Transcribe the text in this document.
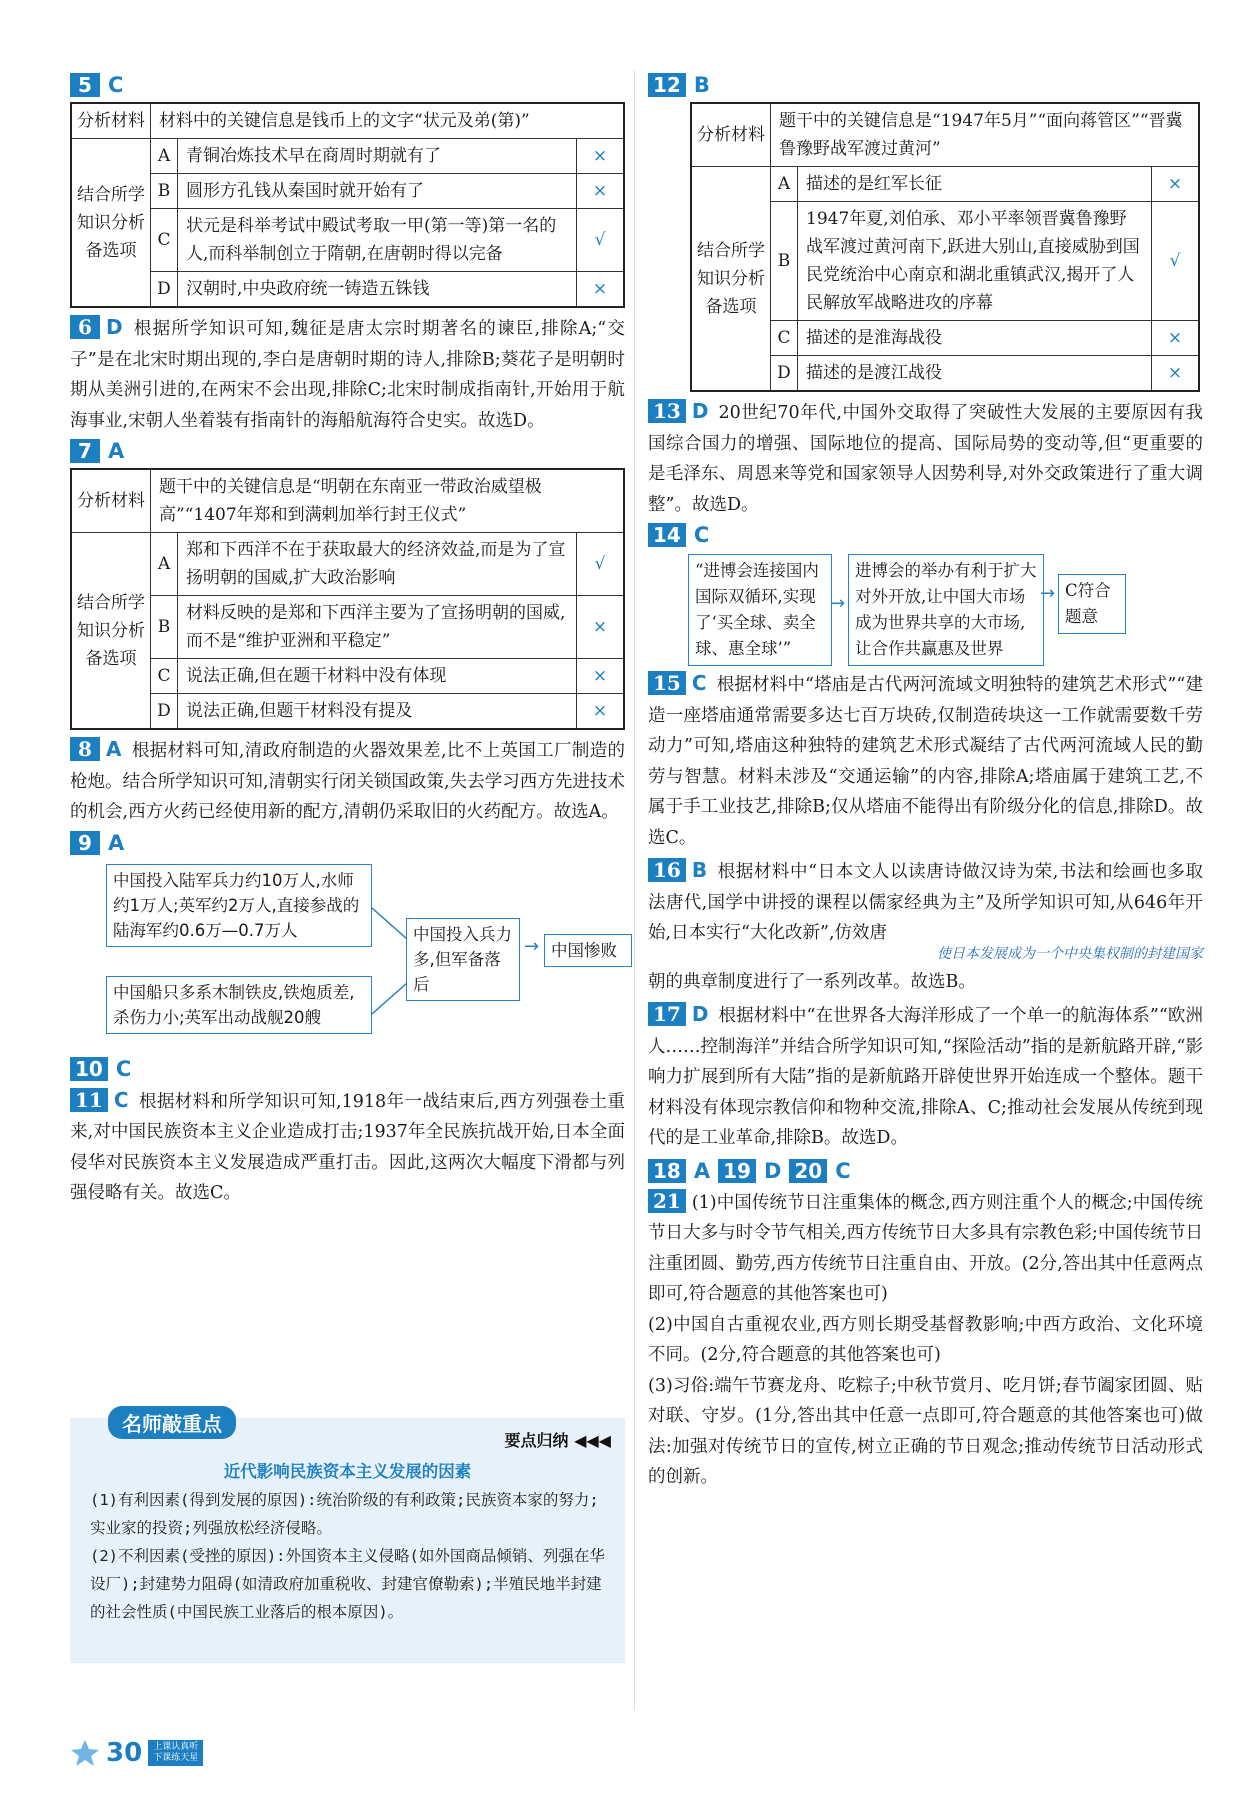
5 C
分析材料	材料中的关键信息是钱币上的文字“状元及弟(第)”		
结合所学知识分析备选项	A	青铜冶炼技术早在商周时期就有了	×
	B	圆形方孔钱从秦国时就开始有了	×
	C	状元是科举考试中殿试考取一甲(第一等)第一名的人,而科举制创立于隋朝,在唐朝时得以完备	√
	D	汉朝时,中央政府统一铸造五铢钱	×

6 D 根据所学知识可知,魏征是唐太宗时期著名的谏臣,排除A;“交子”是在北宋时期出现的,李白是唐朝时期的诗人,排除B;葵花子是明朝时期从美洲引进的,在两宋不会出现,排除C;北宋时制成指南针,开始用于航海事业,宋朝人坐着装有指南针的海船航海符合史实。故选D。

7 A
分析材料	题干中的关键信息是“明朝在东南亚一带政治威望极高”“1407年郑和到满剌加举行封王仪式”		
结合所学知识分析备选项	A	郑和下西洋不在于获取最大的经济效益,而是为了宣扬明朝的国威,扩大政治影响	√
	B	材料反映的是郑和下西洋主要为了宣扬明朝的国威,而不是“维护亚洲和平稳定”	×
	C	说法正确,但在题干材料中没有体现	×
	D	说法正确,但题干材料没有提及	×

8 A 根据材料可知,清政府制造的火器效果差,比不上英国工厂制造的枪炮。结合所学知识可知,清朝实行闭关锁国政策,失去学习西方先进技术的机会,西方火药已经使用新的配方,清朝仍采取旧的火药配方。故选A。

9 A
中国投入陆军兵力约10万人,水师约1万人;英军约2万人,直接参战的陆海军约0.6万—0.7万人
中国船只多系木制铁皮,铁炮质差,杀伤力小;英军出动战舰20艘
中国投入兵力多,但军备落后
→ 中国惨败
10 C

11 C 根据材料和所学知识可知,1918年一战结束后,西方列强卷土重来,对中国民族资本主义企业造成打击;1937年全民族抗战开始,日本全面侵华对民族资本主义发展造成严重打击。因此,这两次大幅度下滑都与列强侵略有关。故选C。

名师敲重点
要点归纳 ◀◀◀
近代影响民族资本主义发展的因素
(1)有利因素(得到发展的原因):统治阶级的有利政策;民族资本家的努力;实业家的投资;列强放松经济侵略。
(2)不利因素(受挫的原因):外国资本主义侵略(如外国商品倾销、列强在华设厂);封建势力阻碍(如清政府加重税收、封建官僚勒索);半殖民地半封建的社会性质(中国民族工业落后的根本原因)。
12 B
分析材料	题干中的关键信息是“1947年5月”“面向蒋管区”“晋冀鲁豫野战军渡过黄河”		
结合所学知识分析备选项	A	描述的是红军长征	×
	B	1947年夏,刘伯承、邓小平率领晋冀鲁豫野战军渡过黄河南下,跃进大别山,直接威胁到国民党统治中心南京和湖北重镇武汉,揭开了人民解放军战略进攻的序幕	√
	C	描述的是淮海战役	×
	D	描述的是渡江战役	×

13 D 20世纪70年代,中国外交取得了突破性大发展的主要原因有我国综合国力的增强、国际地位的提高、国际局势的变动等,但“更重要的是毛泽东、周恩来等党和国家领导人因势利导,对外交政策进行了重大调整”。故选D。

14 C
“进博会连接国内国际双循环,实现了‘买全球、卖全球、惠全球’”
→
进博会的举办有利于扩大对外开放,让中国大市场成为世界共享的大市场,让合作共赢惠及世界
→ C符合题意

15 C 根据材料中“塔庙是古代两河流域文明独特的建筑艺术形式”“建造一座塔庙通常需要多达七百万块砖,仅制造砖块这一工作就需要数千劳动力”可知,塔庙这种独特的建筑艺术形式凝结了古代两河流域人民的勤劳与智慧。材料未涉及“交通运输”的内容,排除A;塔庙属于建筑工艺,不属于手工业技艺,排除B;仅从塔庙不能得出有阶级分化的信息,排除D。故选C。

16 B 根据材料中“日本文人以读唐诗做汉诗为荣,书法和绘画也多取法唐代,国学中讲授的课程以儒家经典为主”及所学知识可知,从646年开始,日本实行“大化改新”,仿效唐

使日本发展成为一个中央集权制的封建国家

朝的典章制度进行了一系列改革。故选B。

17 D 根据材料中“在世界各大海洋形成了一个单一的航海体系”“欧洲人……控制海洋”并结合所学知识可知,“探险活动”指的是新航路开辟,“影响力扩展到所有大陆”指的是新航路开辟使世界开始连成一个整体。题干材料没有体现宗教信仰和物种交流,排除A、C;推动社会发展从传统到现代的是工业革命,排除B。故选D。

18 A 19 D 20 C
21 (1)中国传统节日注重集体的概念,西方则注重个人的概念;中国传统节日大多与时令节气相关,西方传统节日大多具有宗教色彩;中国传统节日注重团圆、勤劳,西方传统节日注重自由、开放。(2分,答出其中任意两点即可,符合题意的其他答案也可)
(2)中国自古重视农业,西方则长期受基督教影响;中西方政治、文化环境不同。(2分,符合题意的其他答案也可)
(3)习俗:端午节赛龙舟、吃粽子;中秋节赏月、吃月饼;春节阖家团圆、贴对联、守岁。(1分,答出其中任意一点即可,符合题意的其他答案也可)做法:加强对传统节日的宣传,树立正确的节日观念;推动传统节日活动形式的创新。
30	上课认真听
下课练天星
